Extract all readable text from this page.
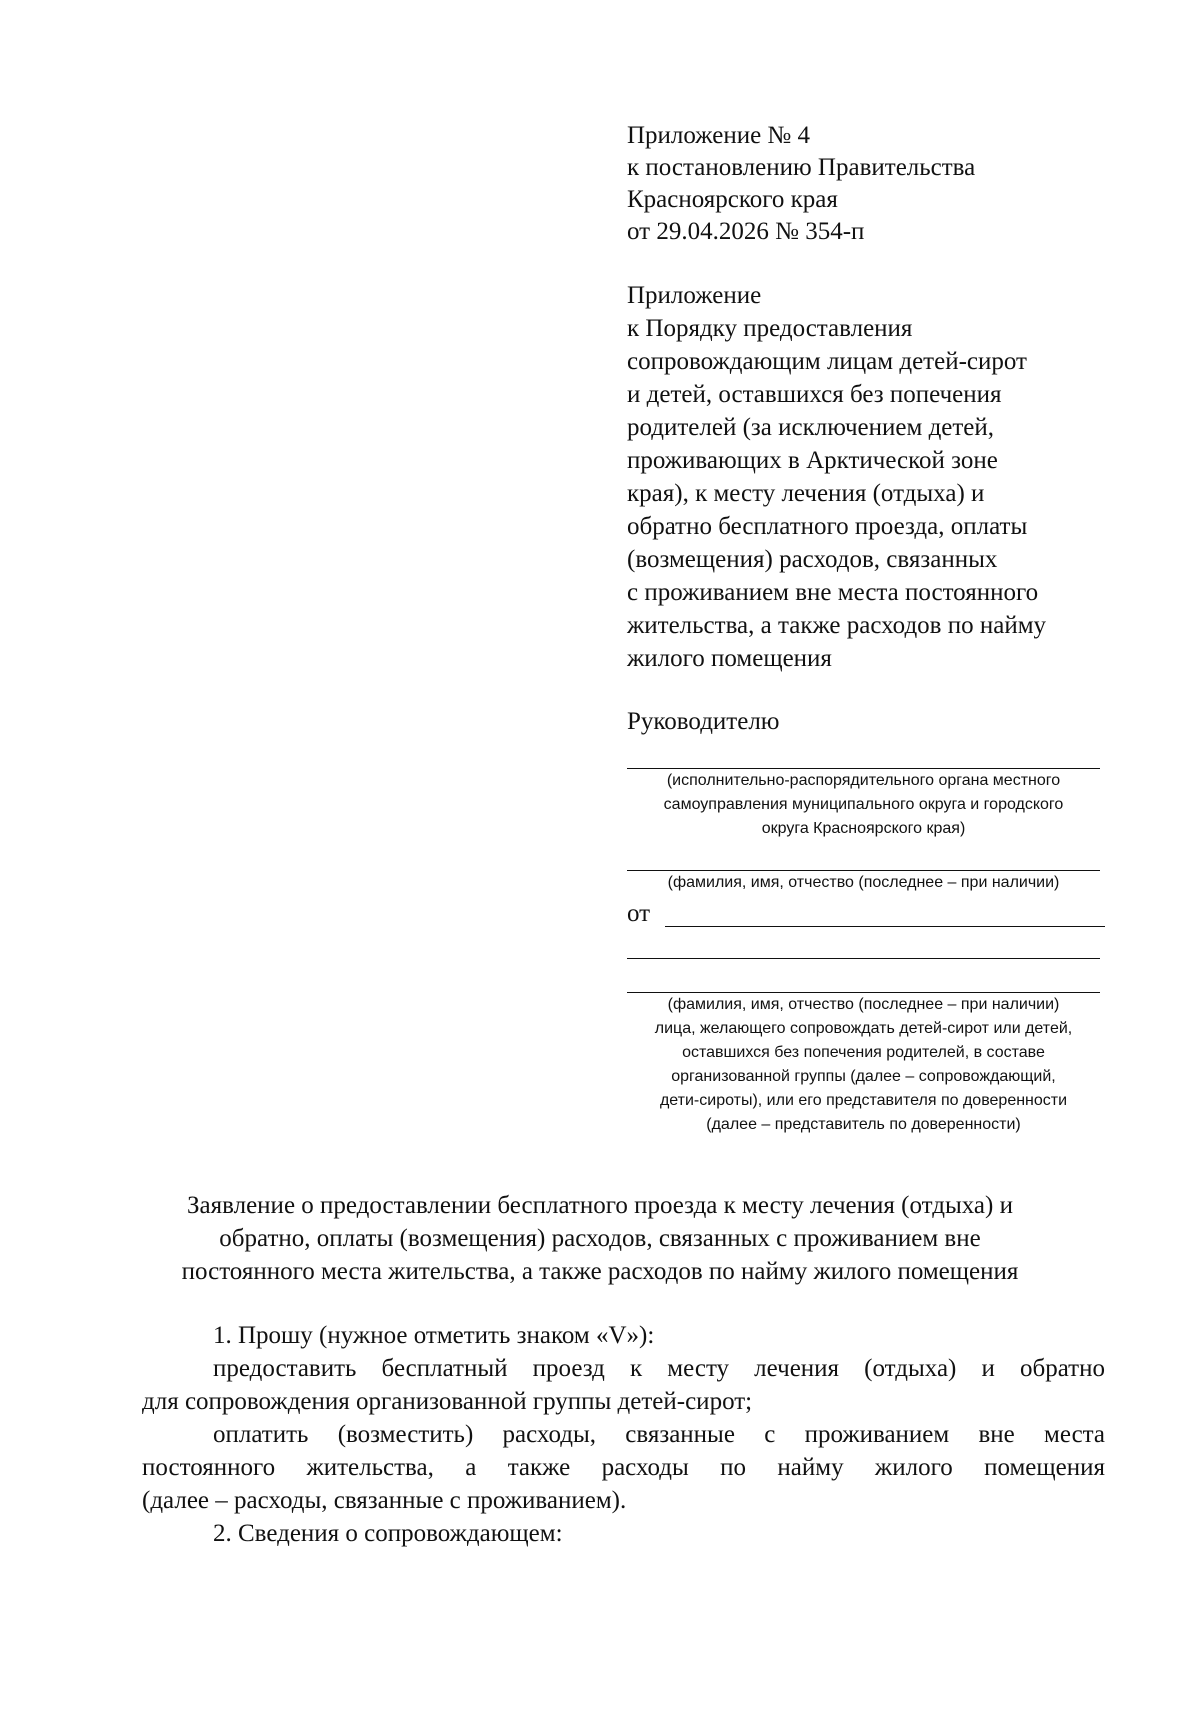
Приложение № 4
к постановлению Правительства
Красноярского края
от 29.04.2026 № 354-п
Приложение
к Порядку предоставления
сопровождающим лицам детей-сирот
и детей, оставшихся без попечения
родителей (за исключением детей,
проживающих в Арктической зоне
края), к месту лечения (отдыха) и
обратно бесплатного проезда, оплаты
(возмещения) расходов, связанных
с проживанием вне места постоянного
жительства, а также расходов по найму
жилого помещения
Руководителю
(исполнительно-распорядительного органа местного
самоуправления муниципального округа и городского
округа Красноярского края)
(фамилия, имя, отчество (последнее – при наличии)
от
(фамилия, имя, отчество (последнее – при наличии)
лица, желающего сопровождать детей-сирот или детей,
оставшихся без попечения родителей, в составе
организованной группы (далее – сопровождающий,
дети-сироты), или его представителя по доверенности
(далее – представитель по доверенности)
Заявление о предоставлении бесплатного проезда к месту лечения (отдыха) и
обратно, оплаты (возмещения) расходов, связанных с проживанием вне
постоянного места жительства, а также расходов по найму жилого помещения
1. Прошу (нужное отметить знаком «V»):
предоставить бесплатный проезд к месту лечения (отдыха) и обратно
для сопровождения организованной группы детей-сирот;
оплатить (возместить) расходы, связанные с проживанием вне места
постоянного жительства, а также расходы по найму жилого помещения
(далее – расходы, связанные с проживанием).
2. Сведения о сопровождающем:
